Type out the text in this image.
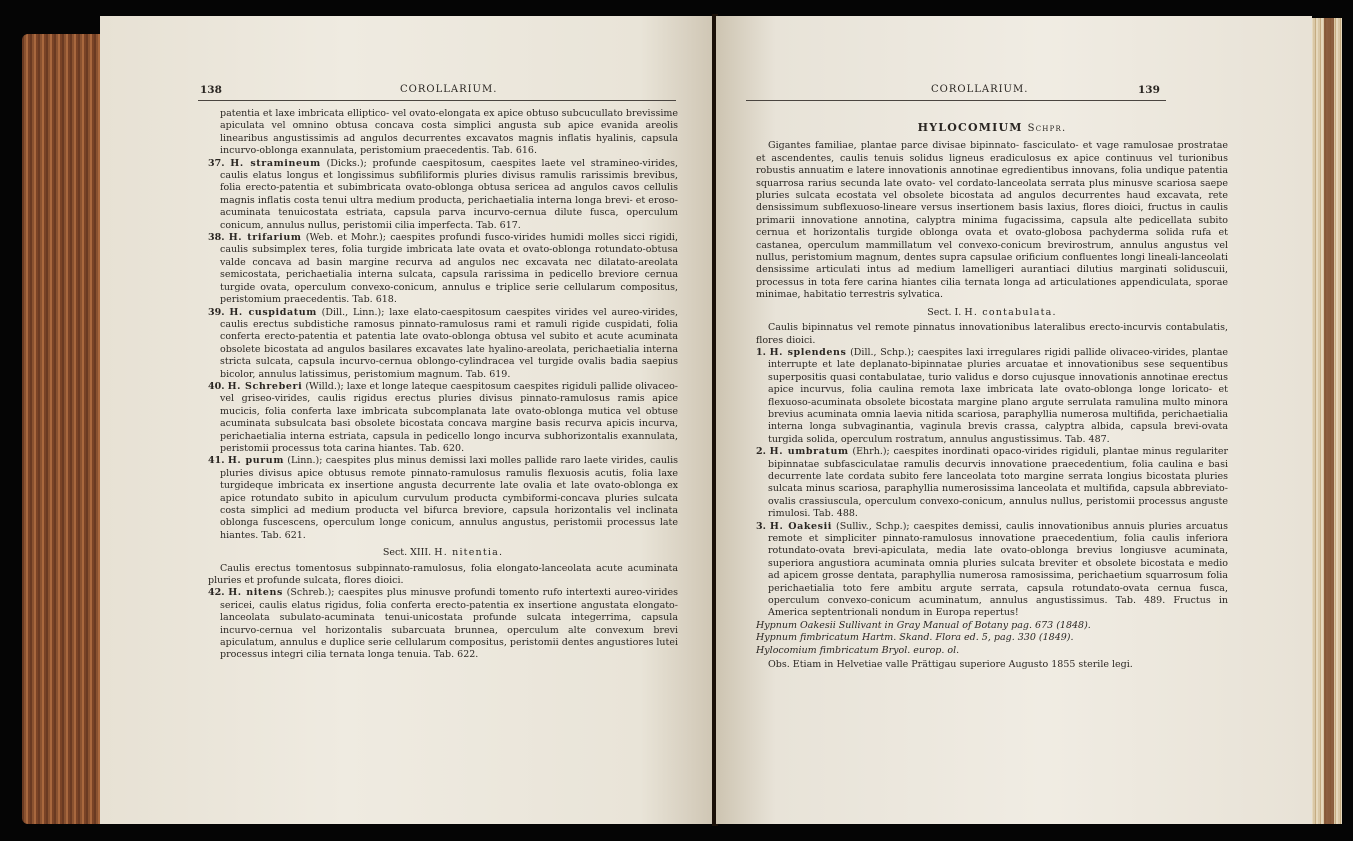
138	COROLLARIUM.

patentia et laxe imbricata elliptico- vel ovato-elongata ex apice obtuso subcucullato brevissime apiculata vel omnino obtusa concava costa simplici angusta sub apice evanida areolis linearibus angustissimis ad angulos decurrentes excavatos magnis inflatis hyalinis, capsula incurvo-oblonga exannulata, peristomium praecedentis. Tab. 616.

37. H. stramineum (Dicks.); profunde caespitosum, caespites laete vel stramineo-virides, caulis elatus longus et longissimus subfiliformis pluries divisus ramulis rarissimis brevibus, folia erecto-patentia et subimbricata ovato-oblonga obtusa sericea ad angulos cavos cellulis magnis inflatis costa tenui ultra medium producta, perichaetialia interna longa brevi- et eroso-acuminata tenuicostata estriata, capsula parva incurvo-cernua dilute fusca, operculum conicum, annulus nullus, peristomii cilia imperfecta. Tab. 617.

38. H. trifarium (Web. et Mohr.); caespites profundi fusco-virides humidi molles sicci rigidi, caulis subsimplex teres, folia turgide imbricata late ovata et ovato-oblonga rotundato-obtusa valde concava ad basin margine recurva ad angulos nec excavata nec dilatato-areolata semicostata, perichaetialia interna sulcata, capsula rarissima in pedicello breviore cernua turgide ovata, operculum convexo-conicum, annulus e triplice serie cellularum compositus, peristomium praecedentis. Tab. 618.

39. H. cuspidatum (Dill., Linn.); laxe elato-caespitosum caespites virides vel aureo-virides, caulis erectus subdistiche ramosus pinnato-ramulosus rami et ramuli rigide cuspidati, folia conferta erecto-patentia et patentia late ovato-oblonga obtusa vel subito et acute acuminata obsolete bicostata ad angulos basilares excavates late hyalino-areolata, perichaetialia interna stricta sulcata, capsula incurvo-cernua oblongo-cylindracea vel turgide ovalis badia saepius bicolor, annulus latissimus, peristomium magnum. Tab. 619.

40. H. Schreberi (Willd.); laxe et longe lateque caespitosum caespites rigiduli pallide olivaceo-vel griseo-virides, caulis rigidus erectus pluries divisus pinnato-ramulosus ramis apice mucicis, folia conferta laxe imbricata subcomplanata late ovato-oblonga mutica vel obtuse acuminata subsulcata basi obsolete bicostata concava margine basis recurva apicis incurva, perichaetialia interna estriata, capsula in pedicello longo incurva subhorizontalis exannulata, peristomii processus tota carina hiantes. Tab. 620.

41. H. purum (Linn.); caespites plus minus demissi laxi molles pallide raro laete virides, caulis pluries divisus apice obtusus remote pinnato-ramulosus ramulis flexuosis acutis, folia laxe turgideque imbricata ex insertione angusta decurrente late ovalia et late ovato-oblonga ex apice rotundato subito in apiculum curvulum producta cymbiformi-concava pluries sulcata costa simplici ad medium producta vel bifurca breviore, capsula horizontalis vel inclinata oblonga fuscescens, operculum longe conicum, annulus angustus, peristomii processus late hiantes. Tab. 621.

Sect. XIII. H. nitentia.

Caulis erectus tomentosus subpinnato-ramulosus, folia elongato-lanceolata acute acuminata pluries et profunde sulcata, flores dioici.

42. H. nitens (Schreb.); caespites plus minusve profundi tomento rufo intertexti aureo-virides sericei, caulis elatus rigidus, folia conferta erecto-patentia ex insertione angustata elongato-lanceolata subulato-acuminata tenui-unicostata profunde sulcata integerrima, capsula incurvo-cernua vel horizontalis subarcuata brunnea, operculum alte convexum brevi apiculatum, annulus e duplice serie cellularum compositus, peristomii dentes angustiores lutei processus integri cilia ternata longa tenuia. Tab. 622.

COROLLARIUM.	139

HYLOCOMIUM Schpr.

Gigantes familiae, plantae parce divisae bipinnato- fasciculato- et vage ramulosae prostratae et ascendentes, caulis tenuis solidus ligneus eradiculosus ex apice continuus vel turionibus robustis annuatim e latere innovationis annotinae egredientibus innovans, folia undique patentia squarrosa rarius secunda late ovato- vel cordato-lanceolata serrata plus minusve scariosa saepe pluries sulcata ecostata vel obsolete bicostata ad angulos decurrentes haud excavata, rete densissimum subflexuoso-lineare versus insertionem basis laxius, flores dioici, fructus in caulis primarii innovatione annotina, calyptra minima fugacissima, capsula alte pedicellata subito cernua et horizontalis turgide oblonga ovata et ovato-globosa pachyderma solida rufa et castanea, operculum mammillatum vel convexo-conicum brevirostrum, annulus angustus vel nullus, peristomium magnum, dentes supra capsulae orificium confluentes longi lineali-lanceolati densissime articulati intus ad medium lamelligeri aurantiaci dilutius marginati soliduscuii, processus in tota fere carina hiantes cilia ternata longa ad articulationes appendiculata, sporae minimae, habitatio terrestris sylvatica.

Sect. I. H. contabulata.

Caulis bipinnatus vel remote pinnatus innovationibus lateralibus erecto-incurvis contabulatis, flores dioici.

1. H. splendens (Dill., Schp.); caespites laxi irregulares rigidi pallide olivaceo-virides, plantae interrupte et late deplanato-bipinnatae pluries arcuatae et innovationibus sese sequentibus superpositis quasi contabulatae, turio validus e dorso cujusque innovationis annotinae erectus apice incurvus, folia caulina remota laxe imbricata late ovato-oblonga longe loricato- et flexuoso-acuminata obsolete bicostata margine plano argute serrulata ramulina multo minora brevius acuminata omnia laevia nitida scariosa, paraphyllia numerosa multifida, perichaetialia interna longa subvaginantia, vaginula brevis crassa, calyptra albida, capsula brevi-ovata turgida solida, operculum rostratum, annulus angustissimus. Tab. 487.

2. H. umbratum (Ehrh.); caespites inordinati opaco-virides rigiduli, plantae minus regulariter bipinnatae subfasciculatae ramulis decurvis innovatione praecedentium, folia caulina e basi decurrente late cordata subito fere lanceolata toto margine serrata longius bicostata pluries sulcata minus scariosa, paraphyllia numerosissima lanceolata et multifida, capsula abbreviato-ovalis crassiuscula, operculum convexo-conicum, annulus nullus, peristomii processus anguste rimulosi. Tab. 488.

3. H. Oakesii (Sulliv., Schp.); caespites demissi, caulis innovationibus annuis pluries arcuatus remote et simpliciter pinnato-ramulosus innovatione praecedentium, folia caulis inferiora rotundato-ovata brevi-apiculata, media late ovato-oblonga brevius longiusve acuminata, superiora angustiora acuminata omnia pluries sulcata breviter et obsolete bicostata e medio ad apicem grosse dentata, paraphyllia numerosa ramosissima, perichaetium squarrosum folia perichaetialia toto fere ambitu argute serrata, capsula rotundato-ovata cernua fusca, operculum convexo-conicum acuminatum, annulus angustissimus. Tab. 489. Fructus in America septentrionali nondum in Europa repertus!

Hypnum Oakesii Sullivant in Gray Manual of Botany pag. 673 (1848).

Hypnum fimbricatum Hartm. Skand. Flora ed. 5, pag. 330 (1849).

Hylocomium fimbricatum Bryol. europ. ol.

Obs. Etiam in Helvetiae valle Prättigau superiore Augusto 1855 sterile legi.
